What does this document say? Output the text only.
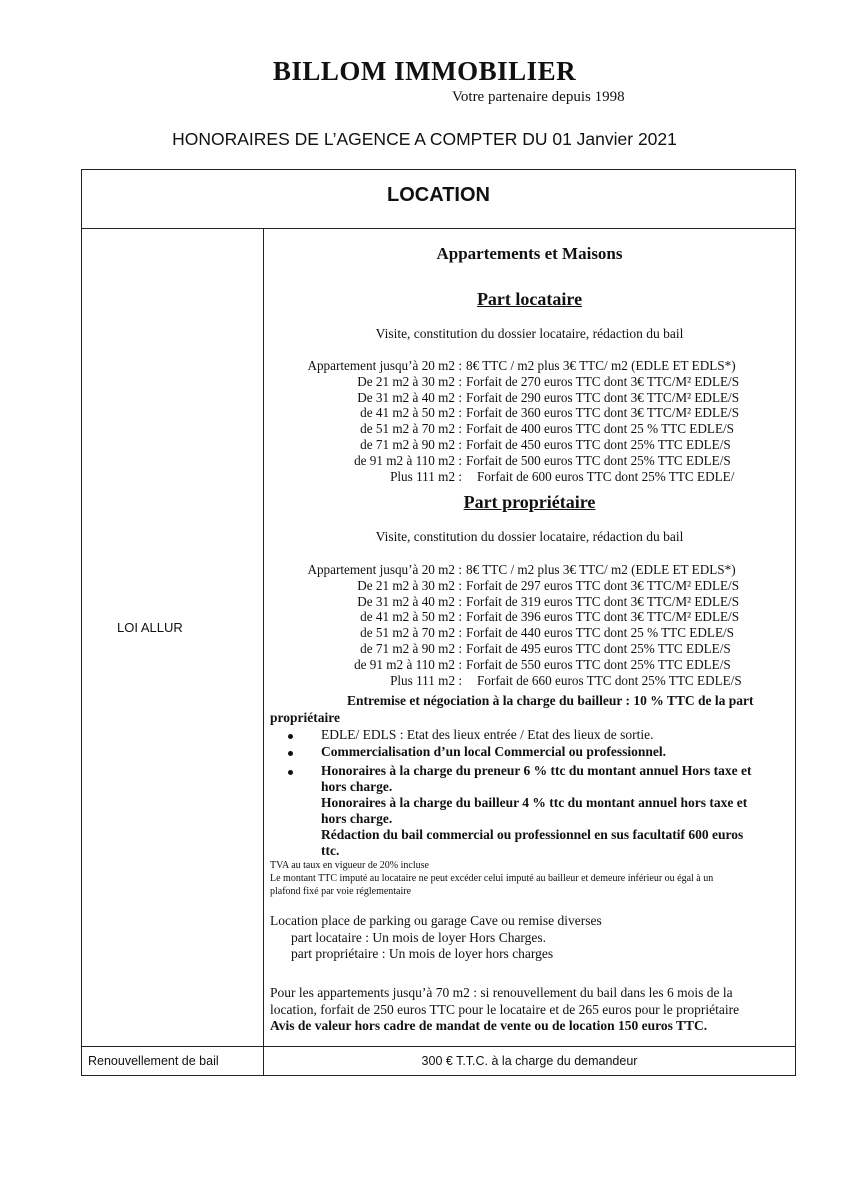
BILLOM IMMOBILIER
Votre partenaire depuis 1998
HONORAIRES DE L’AGENCE A COMPTER DU 01 Janvier 2021
LOCATION
LOI ALLUR
Appartements et Maisons
Part locataire
Visite, constitution du dossier locataire, rédaction du bail
Appartement jusqu’à 20 m2 : 8€ TTC / m2 plus 3€ TTC/ m2 (EDLE ET EDLS*)
De 21 m2 à 30 m2 : Forfait de 270 euros TTC dont 3€ TTC/M² EDLE/S
De 31 m2 à 40 m2 : Forfait de 290 euros TTC dont 3€ TTC/M² EDLE/S
de 41 m2 à 50 m2 : Forfait de 360 euros TTC dont 3€ TTC/M² EDLE/S
de 51 m2 à 70 m2 : Forfait de 400 euros TTC dont 25 % TTC EDLE/S
de 71 m2 à 90 m2 : Forfait de 450 euros TTC dont 25% TTC EDLE/S
de 91 m2 à 110 m2 : Forfait de 500 euros TTC dont 25% TTC EDLE/S
Plus 111 m2 : Forfait de 600 euros TTC dont 25% TTC EDLE/
Part propriétaire
Visite, constitution du dossier locataire, rédaction du bail
Appartement jusqu’à 20 m2 : 8€ TTC / m2 plus 3€ TTC/ m2 (EDLE ET EDLS*)
De 21 m2 à 30 m2 : Forfait de 297 euros TTC dont 3€ TTC/M² EDLE/S
De 31 m2 à 40 m2 : Forfait de 319 euros TTC dont 3€ TTC/M² EDLE/S
de 41 m2 à 50 m2 : Forfait de 396 euros TTC dont 3€ TTC/M² EDLE/S
de 51 m2 à 70 m2 : Forfait de 440 euros TTC dont 25 % TTC EDLE/S
de 71 m2 à 90 m2 : Forfait de 495 euros TTC dont 25% TTC EDLE/S
de 91 m2 à 110 m2 : Forfait de 550 euros TTC dont 25% TTC EDLE/S
Plus 111 m2 : Forfait de 660 euros TTC dont 25% TTC EDLE/S
Entremise et négociation à la charge du bailleur : 10 % TTC de la part
propriétaire
EDLE/ EDLS : Etat des lieux entrée / Etat des lieux de sortie.
Commercialisation d’un local Commercial ou professionnel.
Honoraires à la charge du preneur 6 % ttc du montant annuel Hors taxe et
hors charge.
Honoraires à la charge du bailleur 4 % ttc du montant annuel hors taxe et
hors charge.
Rédaction du bail commercial ou professionnel en sus facultatif 600 euros
ttc.
TVA au taux en vigueur de 20% incluse
Le montant TTC imputé au locataire ne peut excéder celui imputé au bailleur et demeure inférieur ou égal à un
plafond fixé par voie réglementaire
Location place de parking ou garage Cave ou remise diverses
part locataire : Un mois de loyer Hors Charges.
part propriétaire : Un mois de loyer hors charges
Pour les appartements jusqu’à 70 m2 : si renouvellement du bail dans les 6 mois de la
location, forfait de 250 euros TTC pour le locataire et de 265 euros pour le propriétaire
Avis de valeur hors cadre de mandat de vente ou de location 150 euros TTC.
Renouvellement de bail	300 € T.T.C. à la charge du demandeur
